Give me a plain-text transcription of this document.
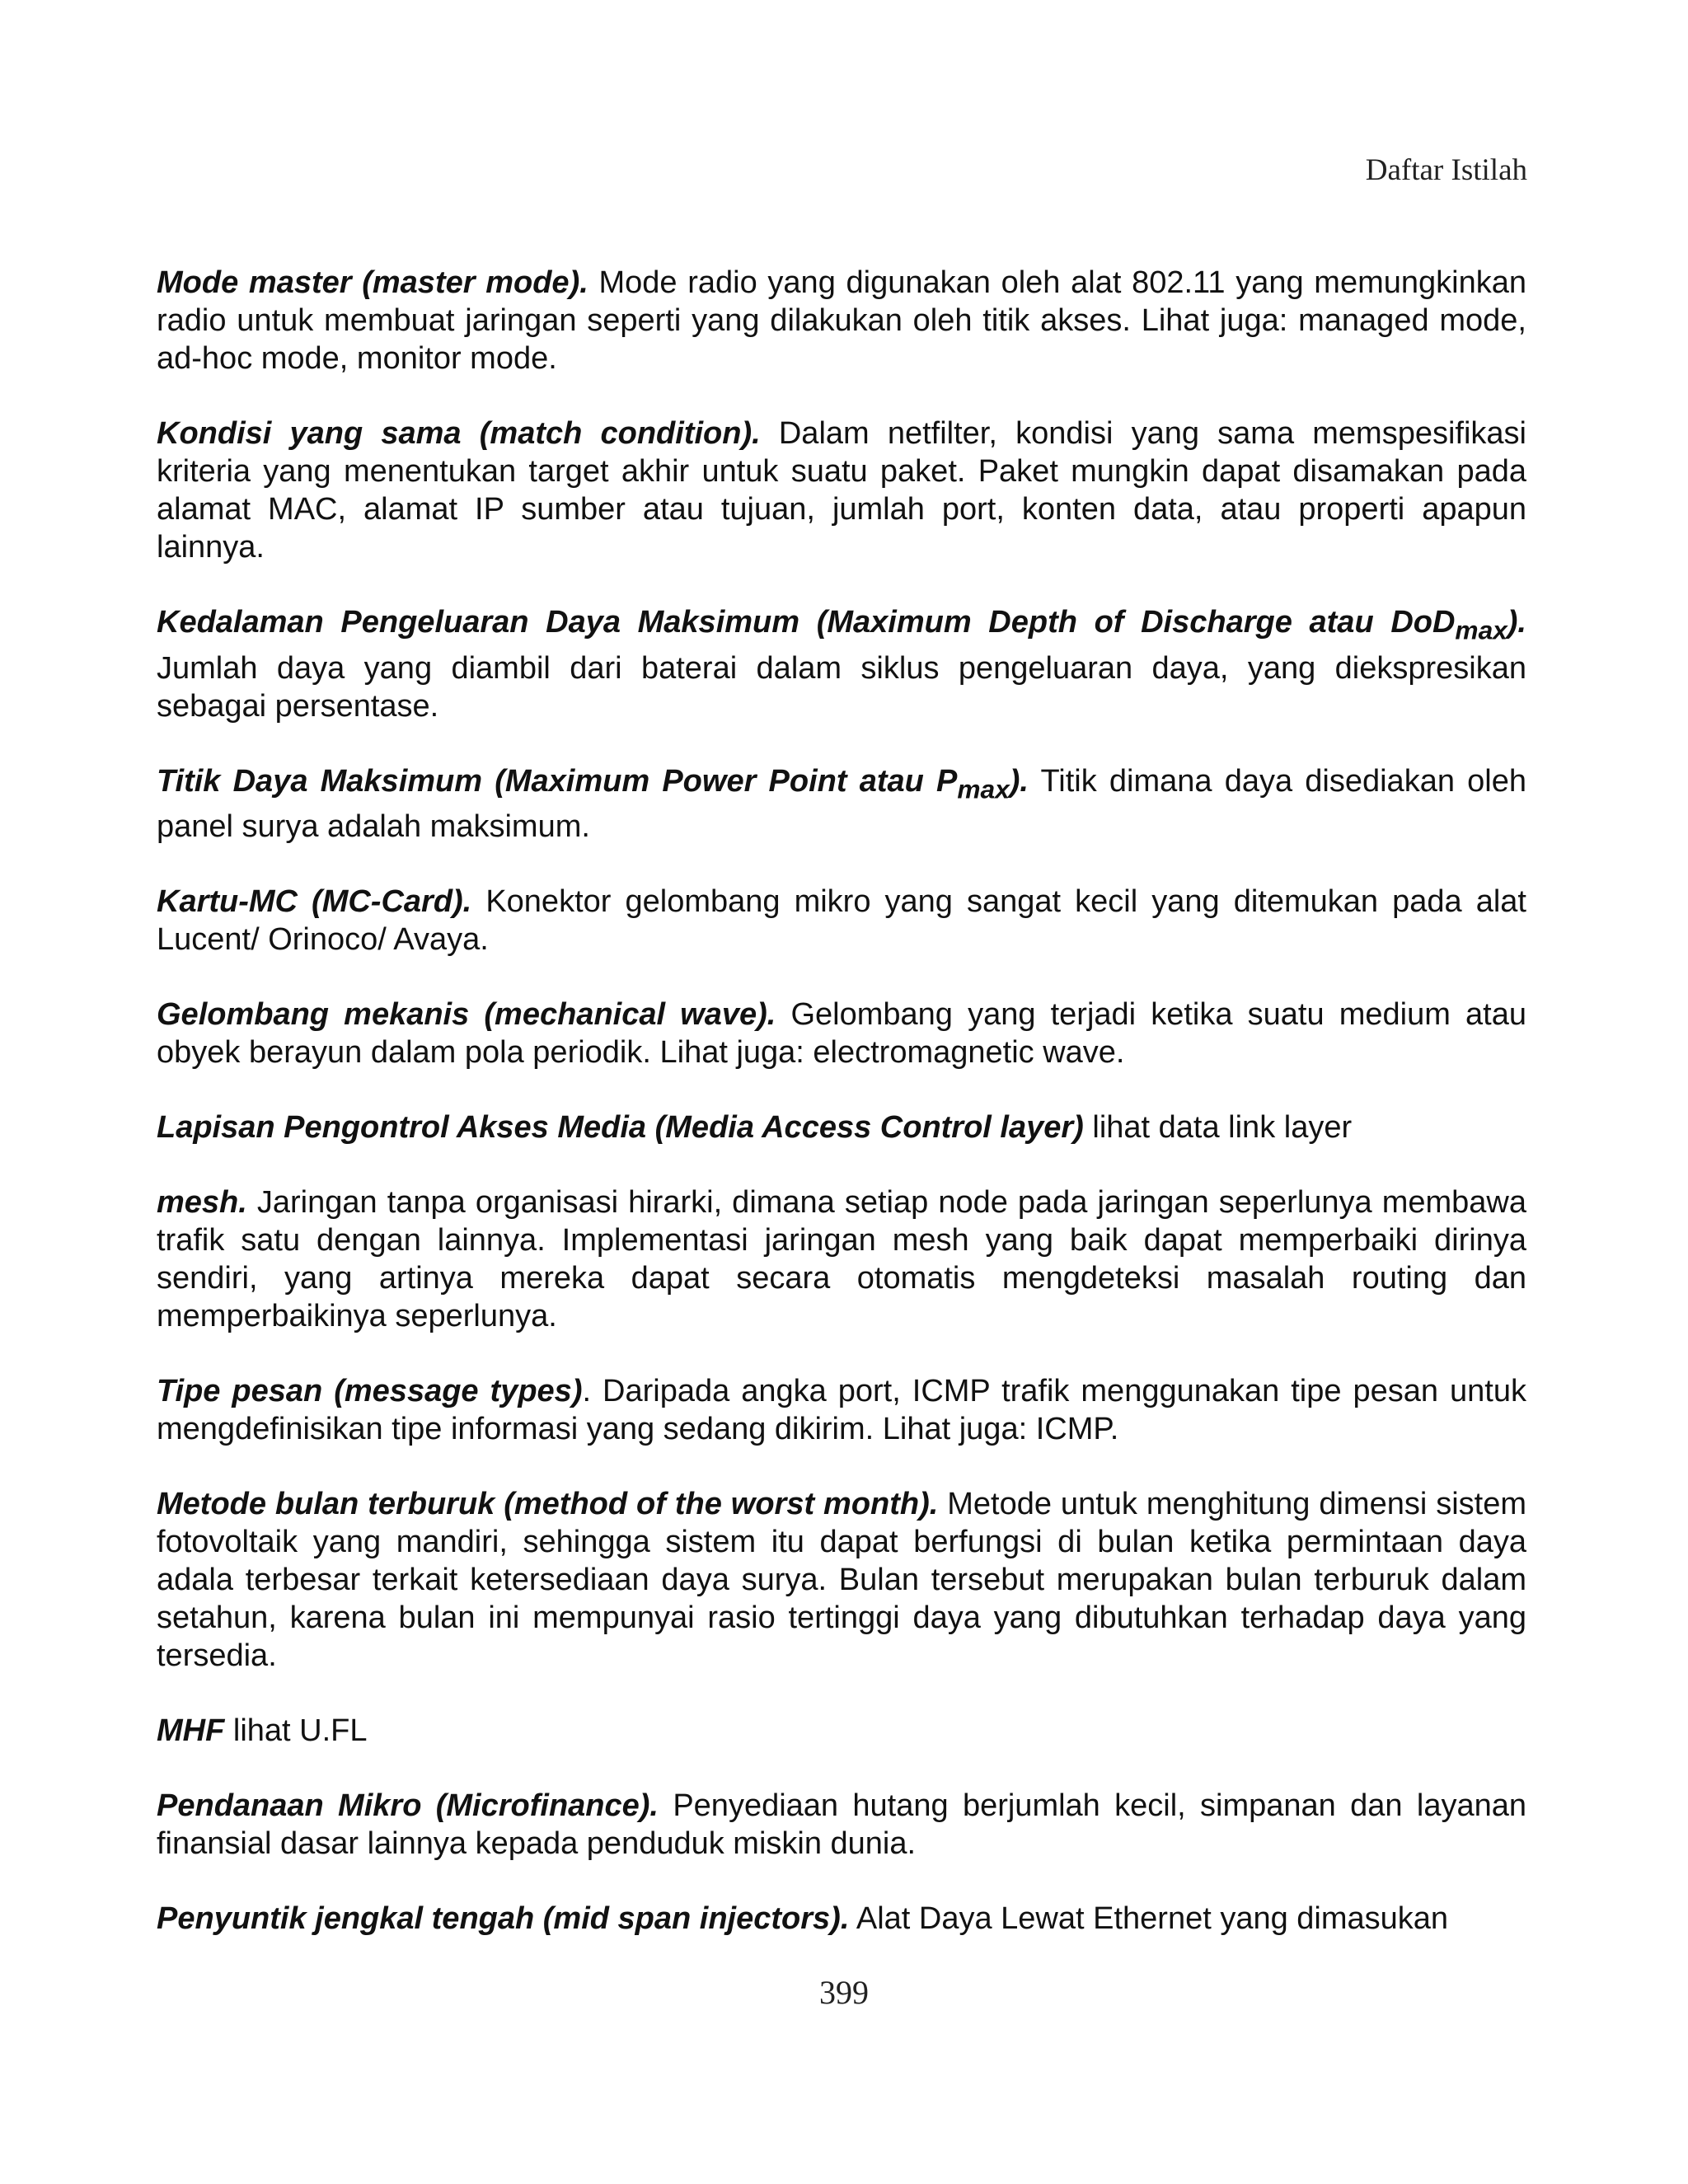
Daftar Istilah

Mode master (master mode). Mode radio yang digunakan oleh alat 802.11 yang memungkinkan radio untuk membuat jaringan seperti yang dilakukan oleh titik akses. Lihat juga: managed mode, ad-hoc mode, monitor mode.

Kondisi yang sama (match condition). Dalam netfilter, kondisi yang sama memspesifikasi kriteria yang menentukan target akhir untuk suatu paket. Paket mungkin dapat disamakan pada alamat MAC, alamat IP sumber atau tujuan, jumlah port, konten data, atau properti apapun lainnya.

Kedalaman Pengeluaran Daya Maksimum (Maximum Depth of Discharge atau DoD$_{max}$). Jumlah daya yang diambil dari baterai dalam siklus pengeluaran daya, yang diekspresikan sebagai persentase.

Titik Daya Maksimum (Maximum Power Point atau $P_{max}$). Titik dimana daya disediakan oleh panel surya adalah maksimum.

Kartu-MC (MC-Card). Konektor gelombang mikro yang sangat kecil yang ditemukan pada alat Lucent/ Orinoco/ Avaya.

Gelombang mekanis (mechanical wave). Gelombang yang terjadi ketika suatu medium atau obyek berayun dalam pola periodik. Lihat juga: electromagnetic wave.

Lapisan Pengontrol Akses Media (Media Access Control layer) lihat data link layer

mesh. Jaringan tanpa organisasi hirarki, dimana setiap node pada jaringan seperlunya membawa trafik satu dengan lainnya. Implementasi jaringan mesh yang baik dapat memperbaiki dirinya sendiri, yang artinya mereka dapat secara otomatis mengdeteksi masalah routing dan memperbaikinya seperlunya.

Tipe pesan (message types). Daripada angka port, ICMP trafik menggunakan tipe pesan untuk mengdefinisikan tipe informasi yang sedang dikirim. Lihat juga: ICMP.

Metode bulan terburuk (method of the worst month). Metode untuk menghitung dimensi sistem fotovoltaik yang mandiri, sehingga sistem itu dapat berfungsi di bulan ketika permintaan daya adala terbesar terkait ketersediaan daya surya. Bulan tersebut merupakan bulan terburuk dalam setahun, karena bulan ini mempunyai rasio tertinggi daya yang dibutuhkan terhadap daya yang tersedia.

MHF lihat U.FL

Pendanaan Mikro (Microfinance). Penyediaan hutang berjumlah kecil, simpanan dan layanan finansial dasar lainnya kepada penduduk miskin dunia.

Penyuntik jengkal tengah (mid span injectors). Alat Daya Lewat Ethernet yang dimasukan

399
